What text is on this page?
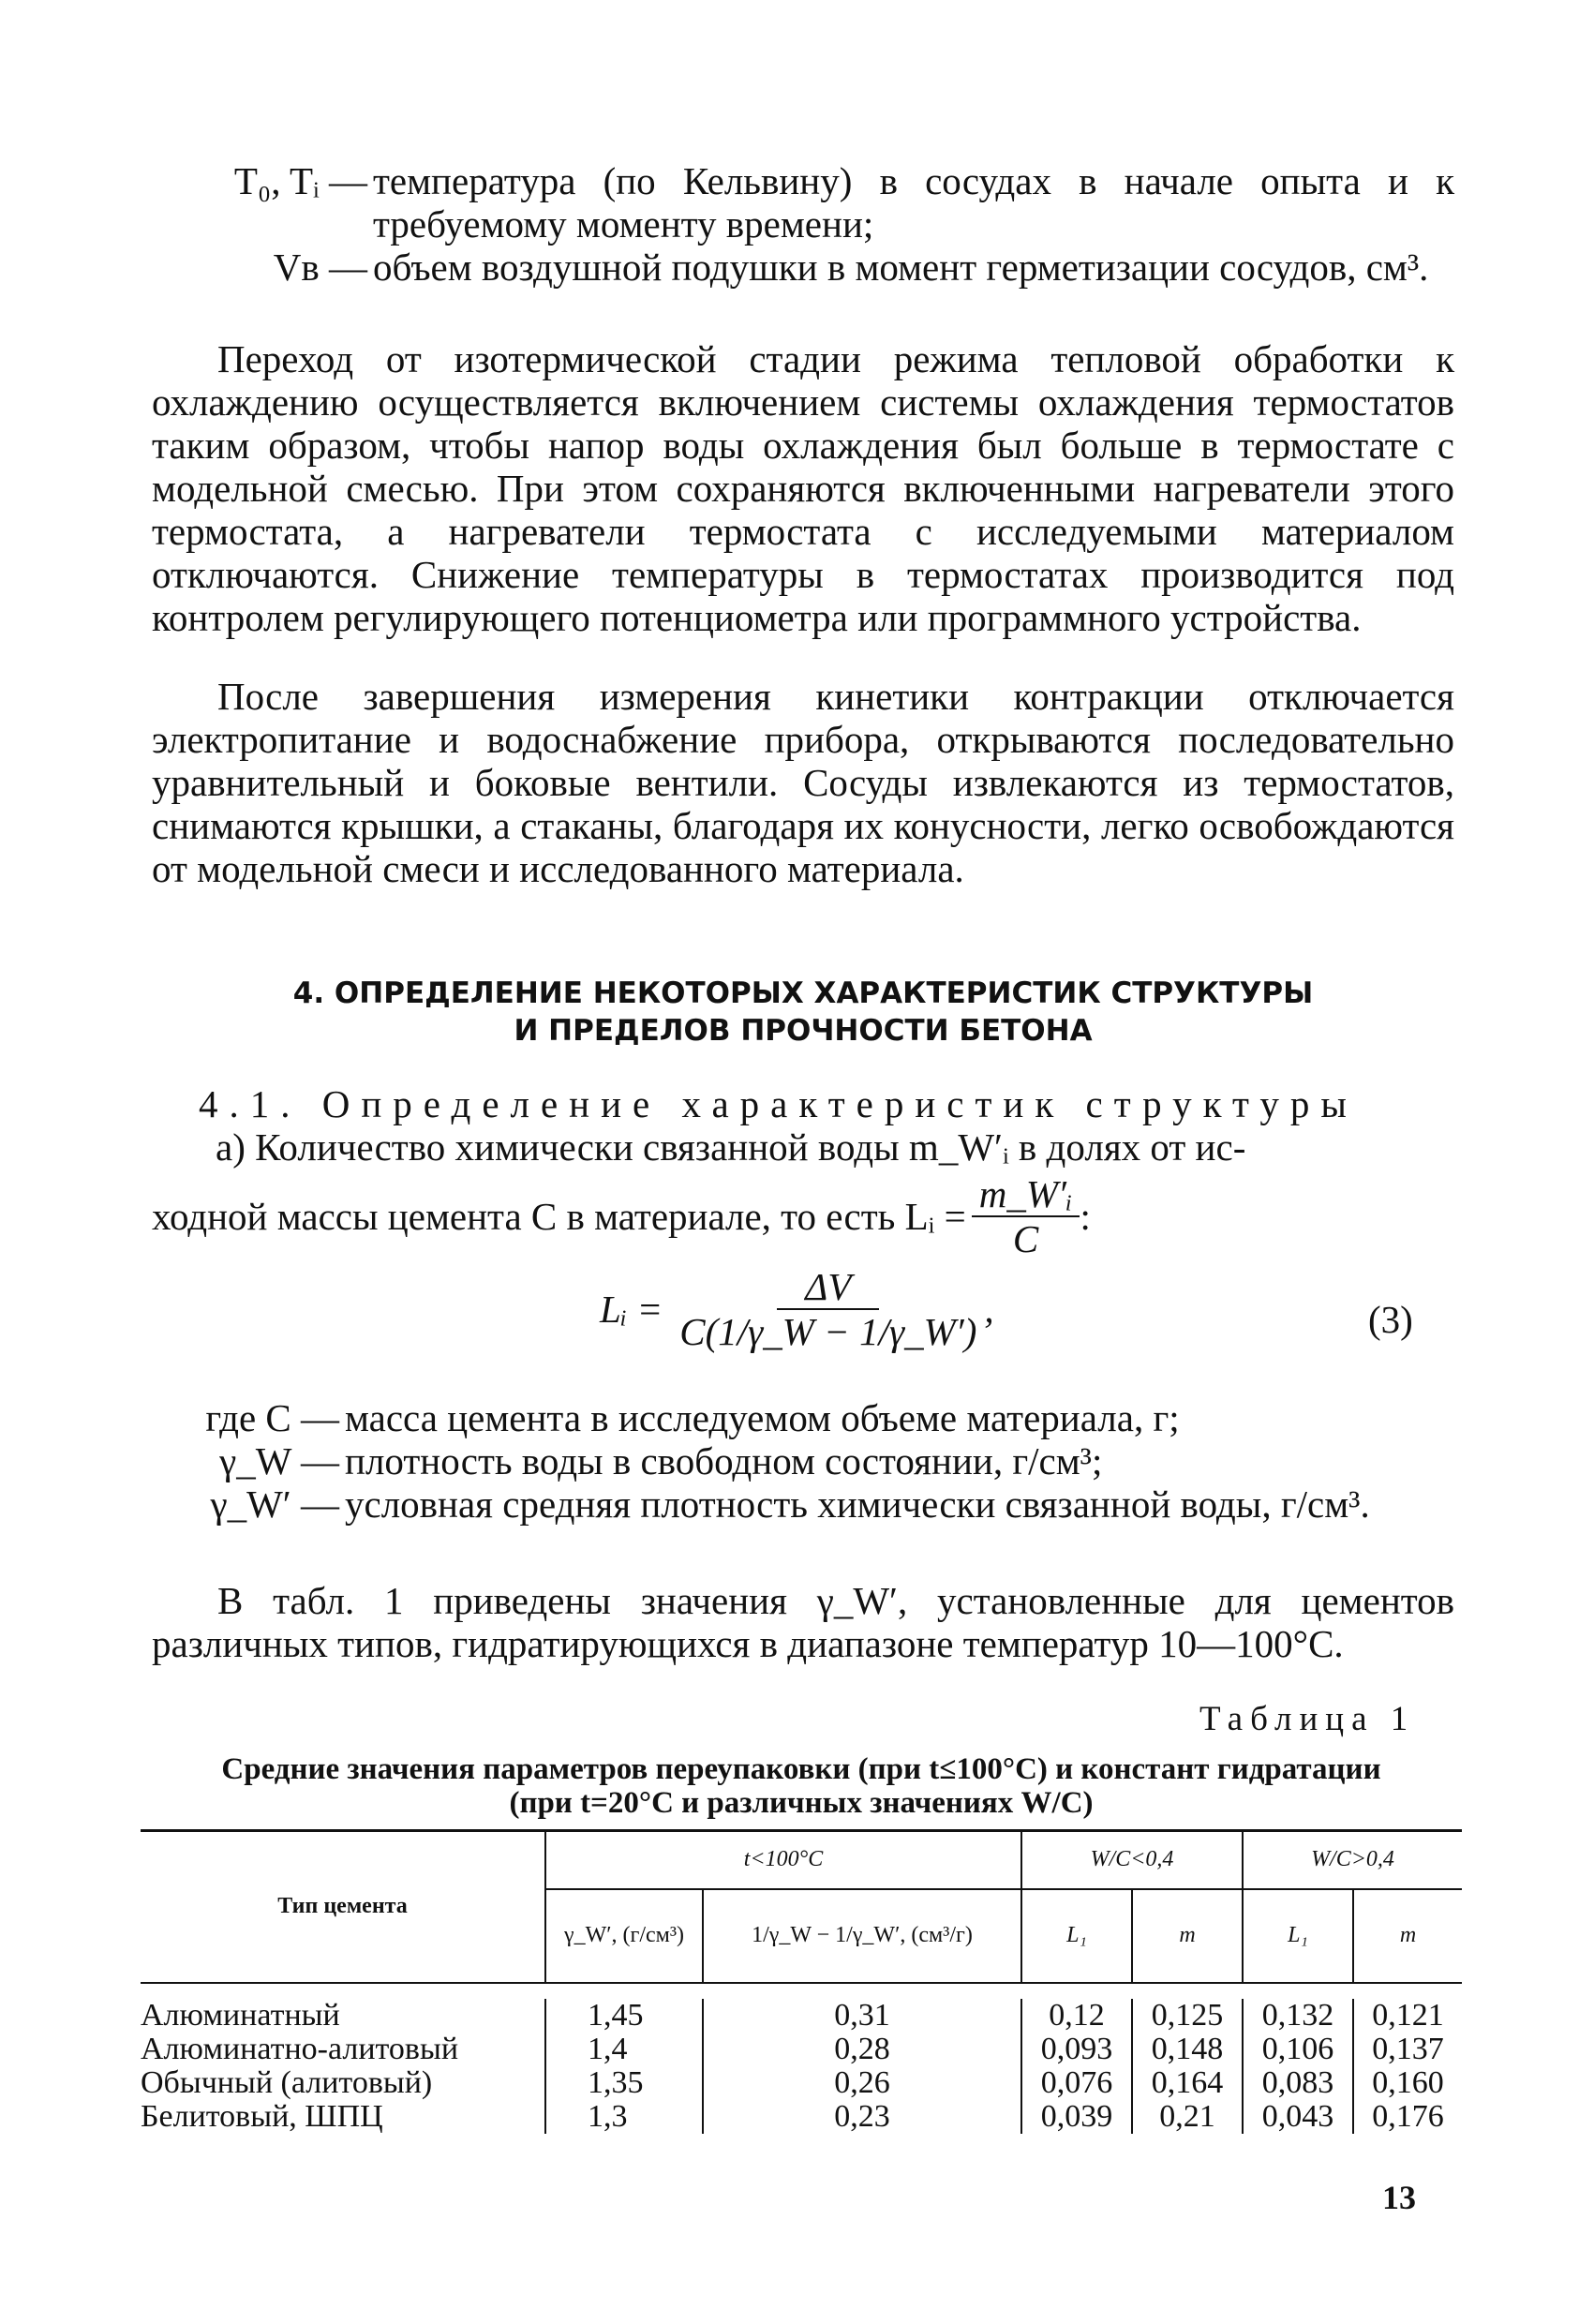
T₀, Tᵢ — температура (по Кельвину) в сосудах в начале опыта и к требуемому моменту времени;
Vв — объем воздушной подушки в момент герметизации сосудов, см³.

Переход от изотермической стадии режима тепловой обработки к охлаждению осуществляется включением системы охлаждения термостатов таким образом, чтобы напор воды охлаждения был больше в термостате с модельной смесью. При этом сохраняются включенными нагреватели этого термостата, а нагреватели термостата с исследуемыми материалом отключаются. Снижение температуры в термостатах производится под контролем регулирующего потенциометра или программного устройства.

После завершения измерения кинетики контракции отключается электропитание и водоснабжение прибора, открываются последовательно уравнительный и боковые вентили. Сосуды извлекаются из термостатов, снимаются крышки, а стаканы, благодаря их конусности, легко освобождаются от модельной смеси и исследованного материала.

4. ОПРЕДЕЛЕНИЕ НЕКОТОРЫХ ХАРАКТЕРИСТИК СТРУКТУРЫ
И ПРЕДЕЛОВ ПРОЧНОСТИ БЕТОНА
4.1. Определение характеристик структуры
а) Количество химически связанной воды m_W′ᵢ в долях от ис-
ходной массы цемента C в материале, то есть Lᵢ = $\frac{\text{m\_W′ᵢ}}{C}$ :
Lᵢ = $\frac{\Delta V}{C(1/\gamma\_W - 1/\gamma\_W')}$ ,	(3)
где C — масса цемента в исследуемом объеме материала, г;
γ_W — плотность воды в свободном состоянии, г/см³;
γ_W′ — условная средняя плотность химически связанной воды, г/см³.

В табл. 1 приведены значения γ_W′, установленные для цементов различных типов, гидратирующихся в диапазоне температур 10—100°С.

Таблица 1
Средние значения параметров переупаковки (при t≤100°С) и констант гидратации
(при t=20°С и различных значениях W/C)
Тип цемента	t<100°С		W/C<0,4		W/C>0,4	
	γ_W′, (г/см³)	1/γ_W − 1/γ_W′, (см³/г)	L₁	m	L₁	m

Алюминатный	1,45	0,31	0,12	0,125	0,132	0,121
Алюминатно-алитовый	1,4	0,28	0,093	0,148	0,106	0,137
Обычный (алитовый)	1,35	0,26	0,076	0,164	0,083	0,160
Белитовый, ШПЦ	1,3	0,23	0,039	0,21	0,043	0,176
13
